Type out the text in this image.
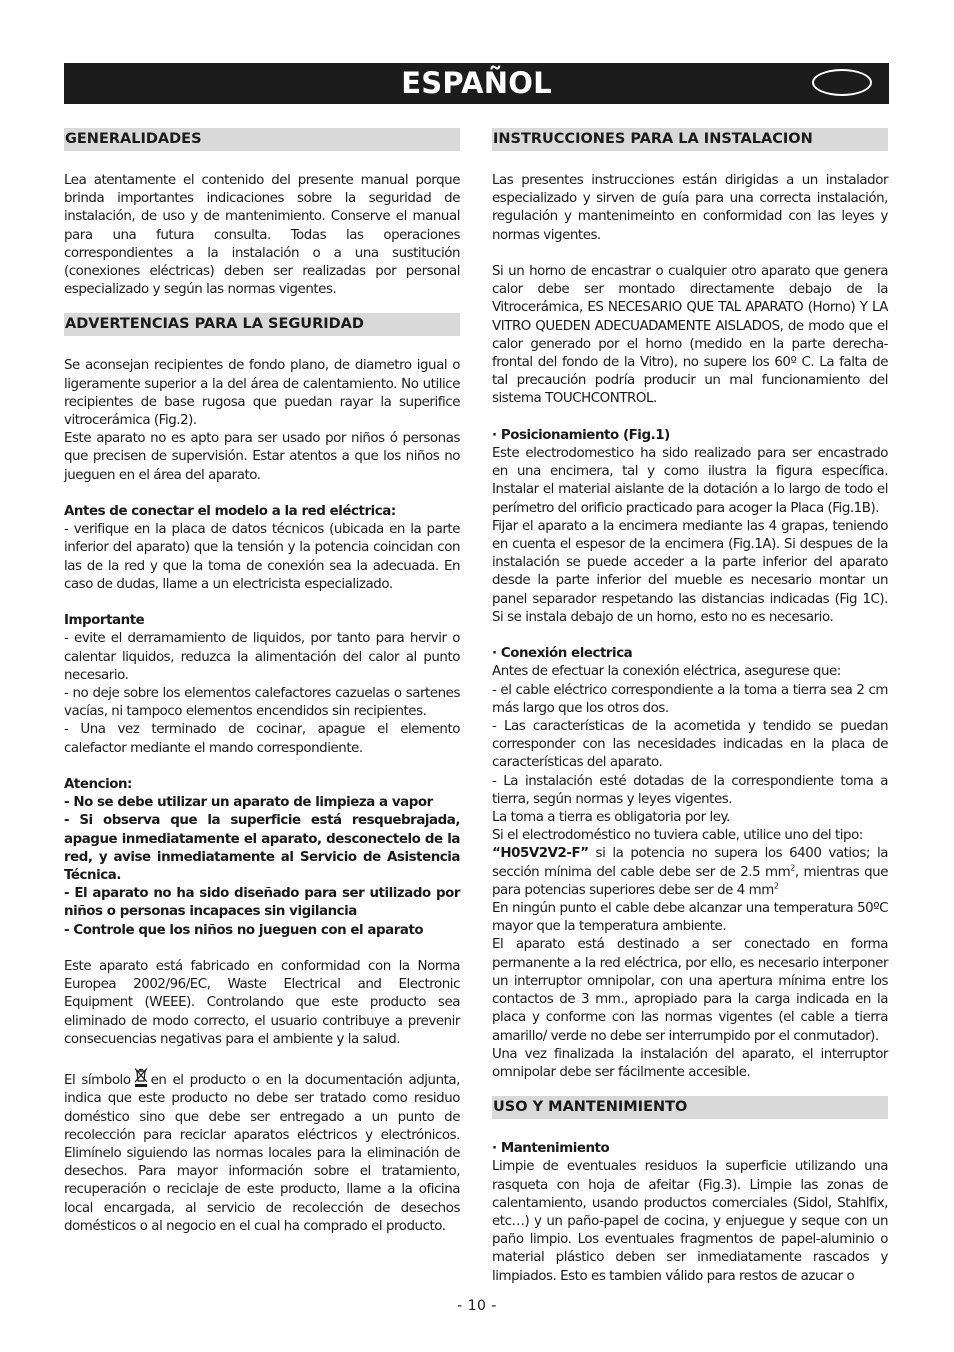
ESPAÑOL
GENERALIDADES

Lea atentamente el contenido del presente manual porque brinda importantes indicaciones sobre la seguridad de instalación, de uso y de mantenimiento. Conserve el manual para una futura consulta. Todas las operaciones correspondientes a la instalación o a una sustitución (conexiones eléctricas) deben ser realizadas por personal especializado y según las normas vigentes.

ADVERTENCIAS PARA LA SEGURIDAD

Se aconsejan recipientes de fondo plano, de diametro igual o ligeramente superior a la del área de calentamiento. No utilice recipientes de base rugosa que puedan rayar la superifice vitrocerámica (Fig.2).

Este aparato no es apto para ser usado por niños ó personas que precisen de supervisión. Estar atentos a que los niños no jueguen en el área del aparato.

Antes de conectar el modelo a la red eléctrica:

- verifique en la placa de datos técnicos (ubicada en la parte inferior del aparato) que la tensión y la potencia coincidan con las de la red y que la toma de conexión sea la adecuada. En caso de dudas, llame a un electricista especializado.

Importante

- evite el derramamiento de liquidos, por tanto para hervir o calentar liquidos, reduzca la alimentación del calor al punto necesario.

- no deje sobre los elementos calefactores cazuelas o sartenes vacías, ni tampoco elementos encendidos sin recipientes.

- Una vez terminado de cocinar, apague el elemento calefactor mediante el mando correspondiente.

Atencion:

- No se debe utilizar un aparato de limpieza a vapor

- Si observa que la superficie está resquebrajada, apague inmediatamente el aparato, desconectelo de la red, y avise inmediatamente al Servicio de Asistencia Técnica.

- El aparato no ha sido diseñado para ser utilizado por niños o personas incapaces sin vigilancia

- Controle que los niños no jueguen con el aparato

Este aparato está fabricado en conformidad con la Norma Europea 2002/96/EC, Waste Electrical and Electronic Equipment (WEEE). Controlando que este producto sea eliminado de modo correcto, el usuario contribuye a prevenir consecuencias negativas para el ambiente y la salud.

El símbolo en el producto o en la documentación adjunta, indica que este producto no debe ser tratado como residuo doméstico sino que debe ser entregado a un punto de recolección para reciclar aparatos eléctricos y electrónicos. Elimínelo siguiendo las normas locales para la eliminación de desechos. Para mayor información sobre el tratamiento, recuperación o reciclaje de este producto, llame a la oficina local encargada, al servicio de recolección de desechos domésticos o al negocio en el cual ha comprado el producto.

INSTRUCCIONES PARA LA INSTALACION

Las presentes instrucciones están dirigidas a un instalador especializado y sirven de guía para una correcta instalación, regulación y mantenimeinto en conformidad con las leyes y normas vigentes.

Si un horno de encastrar o cualquier otro aparato que genera calor debe ser montado directamente debajo de la Vitrocerámica, ES NECESARIO QUE TAL APARATO (Horno) Y LA VITRO QUEDEN ADECUADAMENTE AISLADOS, de modo que el calor generado por el horno (medido en la parte derecha-frontal del fondo de la Vitro), no supere los 60º C. La falta de tal precaución podría producir un mal funcionamiento del sistema TOUCHCONTROL.

· Posicionamiento (Fig.1)

Este electrodomestico ha sido realizado para ser encastrado en una encimera, tal y como ilustra la figura específica. Instalar el material aislante de la dotación a lo largo de todo el perímetro del orificio practicado para acoger la Placa (Fig.1B).

Fijar el aparato a la encimera mediante las 4 grapas, teniendo en cuenta el espesor de la encimera (Fig.1A). Si despues de la instalación se puede acceder a la parte inferior del aparato desde la parte inferior del mueble es necesario montar un panel separador respetando las distancias indicadas (Fig 1C). Si se instala debajo de un horno, esto no es necesario.

· Conexión electrica

Antes de efectuar la conexión eléctrica, asegurese que:

- el cable eléctrico correspondiente a la toma a tierra sea 2 cm más largo que los otros dos.

- Las características de la acometida y tendido se puedan corresponder con las necesidades indicadas en la placa de características del aparato.

- La instalación esté dotadas de la correspondiente toma a tierra, según normas y leyes vigentes.

La toma a tierra es obligatoria por ley.

Si el electrodoméstico no tuviera cable, utilice uno del tipo:

“H05V2V2-F” si la potencia no supera los 6400 vatios; la sección mínima del cable debe ser de 2.5 $mm^2$, mientras que para potencias superiores debe ser de 4 $mm^2$

En ningún punto el cable debe alcanzar una temperatura 50ºC mayor que la temperatura ambiente.

El aparato está destinado a ser conectado en forma permanente a la red eléctrica, por ello, es necesario interponer un interruptor omnipolar, con una apertura mínima entre los contactos de 3 mm., apropiado para la carga indicada en la placa y conforme con las normas vigentes (el cable a tierra amarillo/ verde no debe ser interrumpido por el conmutador).

Una vez finalizada la instalación del aparato, el interruptor omnipolar debe ser fácilmente accesible.

USO Y MANTENIMIENTO

· Mantenimiento

Limpie de eventuales residuos la superficie utilizando una rasqueta con hoja de afeitar (Fig.3). Limpie las zonas de calentamiento, usando productos comerciales (Sidol, Stahlfix, etc…) y un paño-papel de cocina, y enjuegue y seque con un paño limpio. Los eventuales fragmentos de papel-aluminio o material plástico deben ser inmediatamente rascados y limpiados. Esto es tambien válido para restos de azucar o

- 10 -
